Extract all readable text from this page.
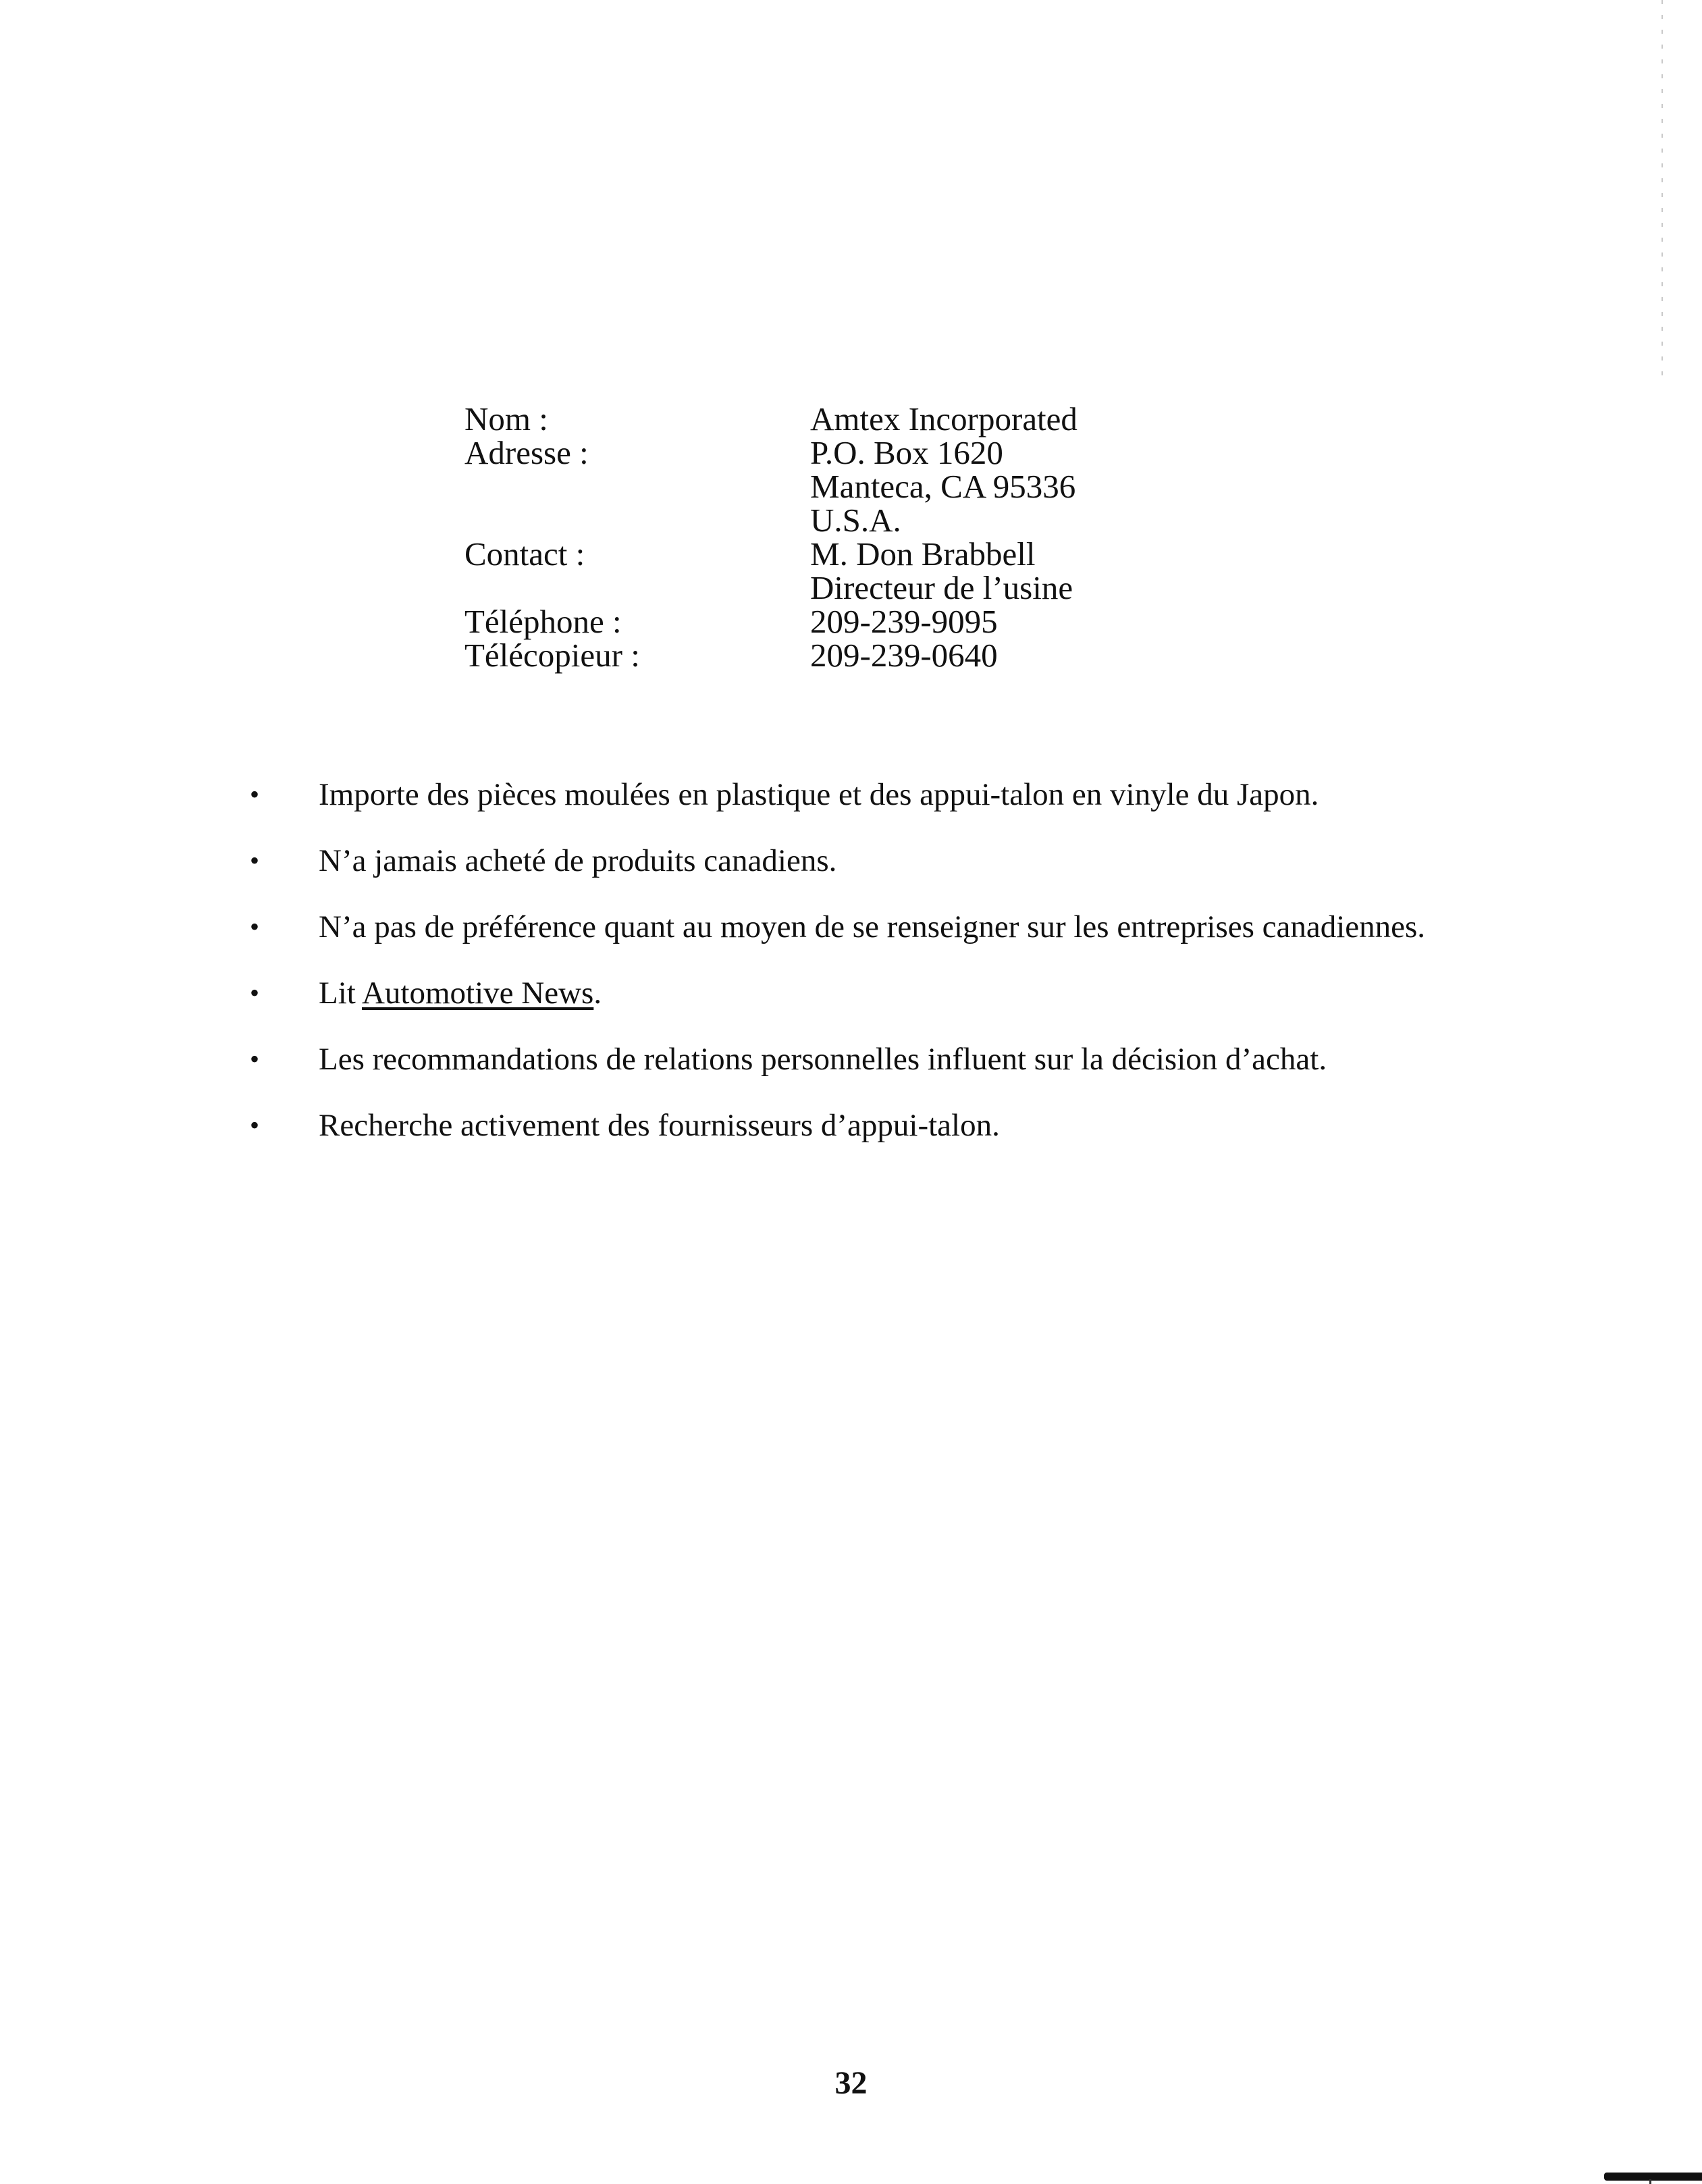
Nom :	Amtex Incorporated
Adresse :	P.O. Box 1620
Manteca, CA 95336
U.S.A.
Contact :	M. Don Brabbell
Directeur de l’usine
Téléphone :	209-239-9095
Télécopieur :	209-239-0640
•	Importe des pièces moulées en plastique et des appui-talon en vinyle du Japon.
•	N’a jamais acheté de produits canadiens.
•	N’a pas de préférence quant au moyen de se renseigner sur les entreprises canadiennes.
•	Lit Automotive News.
•	Les recommandations de relations personnelles influent sur la décision d’achat.
•	Recherche activement des fournisseurs d’appui-talon.
32
